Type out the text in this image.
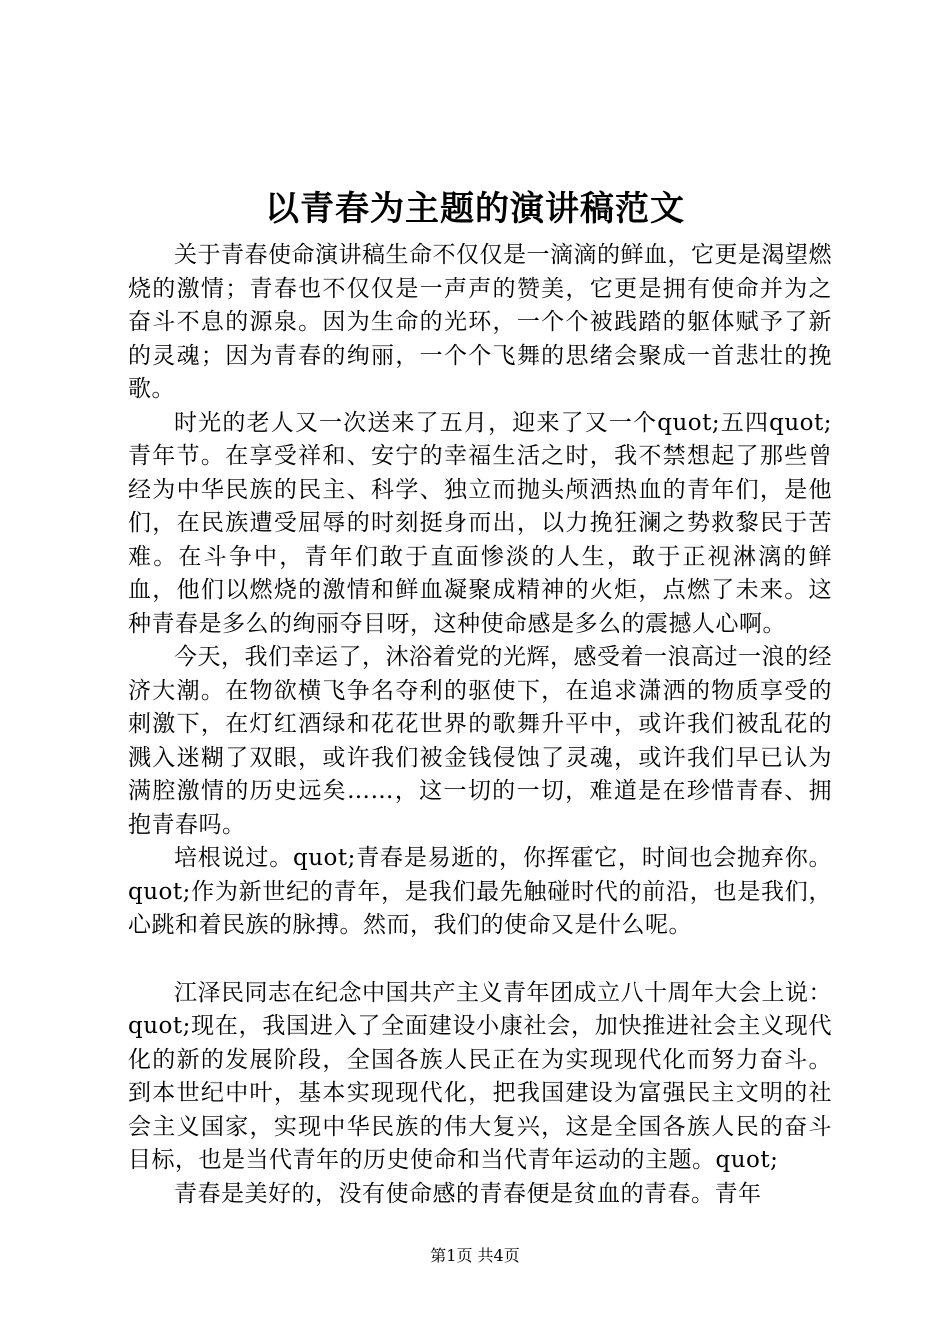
以青春为主题的演讲稿范文

关于青春使命演讲稿生命不仅仅是一滴滴的鲜血，它更是渴望燃烧的激情；青春也不仅仅是一声声的赞美，它更是拥有使命并为之奋斗不息的源泉。因为生命的光环，一个个被践踏的躯体赋予了新的灵魂；因为青春的绚丽，一个个飞舞的思绪会聚成一首悲壮的挽歌。

时光的老人又一次送来了五月，迎来了又一个quot;五四quot;青年节。在享受祥和、安宁的幸福生活之时，我不禁想起了那些曾经为中华民族的民主、科学、独立而抛头颅洒热血的青年们，是他们，在民族遭受屈辱的时刻挺身而出，以力挽狂澜之势救黎民于苦难。在斗争中，青年们敢于直面惨淡的人生，敢于正视淋漓的鲜血，他们以燃烧的激情和鲜血凝聚成精神的火炬，点燃了未来。这种青春是多么的绚丽夺目呀，这种使命感是多么的震撼人心啊。

今天，我们幸运了，沐浴着党的光辉，感受着一浪高过一浪的经济大潮。在物欲横飞争名夺利的驱使下，在追求潇洒的物质享受的刺激下，在灯红酒绿和花花世界的歌舞升平中，或许我们被乱花的溅入迷糊了双眼，或许我们被金钱侵蚀了灵魂，或许我们早已认为满腔激情的历史远矣……，这一切的一切，难道是在珍惜青春、拥抱青春吗。

培根说过。quot;青春是易逝的，你挥霍它，时间也会抛弃你。quot;作为新世纪的青年，是我们最先触碰时代的前沿，也是我们，心跳和着民族的脉搏。然而，我们的使命又是什么呢。

江泽民同志在纪念中国共产主义青年团成立八十周年大会上说：quot;现在，我国进入了全面建设小康社会，加快推进社会主义现代化的新的发展阶段，全国各族人民正在为实现现代化而努力奋斗。到本世纪中叶，基本实现现代化，把我国建设为富强民主文明的社会主义国家，实现中华民族的伟大复兴，这是全国各族人民的奋斗目标，也是当代青年的历史使命和当代青年运动的主题。quot;

青春是美好的，没有使命感的青春便是贫血的青春。青年

第1页 共4页
